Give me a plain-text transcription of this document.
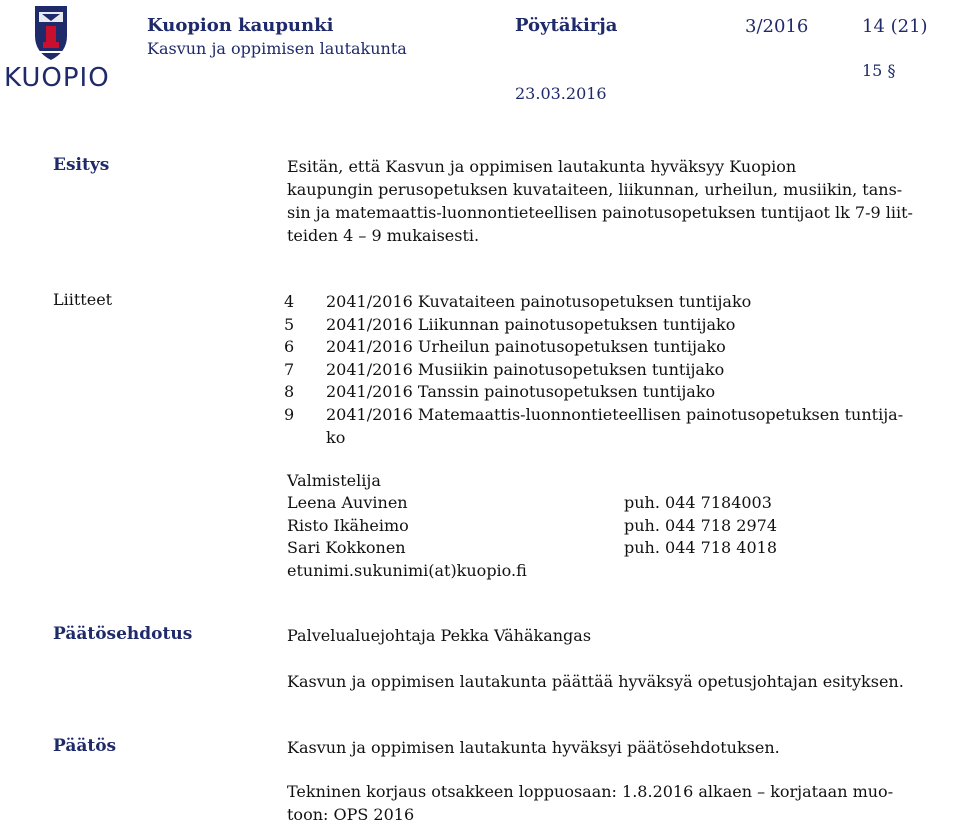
KUOPIO
Kuopion kaupunki
Kasvun ja oppimisen lautakunta
Pöytäkirja	3/2016	14 (21)
15 §
23.03.2016
Esitys	Esitän, että Kasvun ja oppimisen lautakunta hyväksyy Kuopion
kaupungin perusopetuksen kuvataiteen, liikunnan, urheilun, musiikin, tans-
sin ja matemaattis-luonnontieteellisen painotusopetuksen tuntijaot lk 7-9 liit-
teiden 4 – 9 mukaisesti.
Liitteet	4 2041/2016 Kuvataiteen painotusopetuksen tuntijako
5 2041/2016 Liikunnan painotusopetuksen tuntijako
6 2041/2016 Urheilun painotusopetuksen tuntijako
7 2041/2016 Musiikin painotusopetuksen tuntijako
8 2041/2016 Tanssin painotusopetuksen tuntijako
9 2041/2016 Matemaattis-luonnontieteellisen painotusopetuksen tuntija-
ko
Valmistelija
Leena Auvinen	puh. 044 7184003
Risto Ikäheimo	puh. 044 718 2974
Sari Kokkonen	puh. 044 718 4018
etunimi.sukunimi(at)kuopio.fi
Päätösehdotus	Palvelualuejohtaja Pekka Vähäkangas
Kasvun ja oppimisen lautakunta päättää hyväksyä opetusjohtajan esityksen.
Päätös	Kasvun ja oppimisen lautakunta hyväksyi päätösehdotuksen.
Tekninen korjaus otsakkeen loppuosaan: 1.8.2016 alkaen – korjataan muo-
toon: OPS 2016
